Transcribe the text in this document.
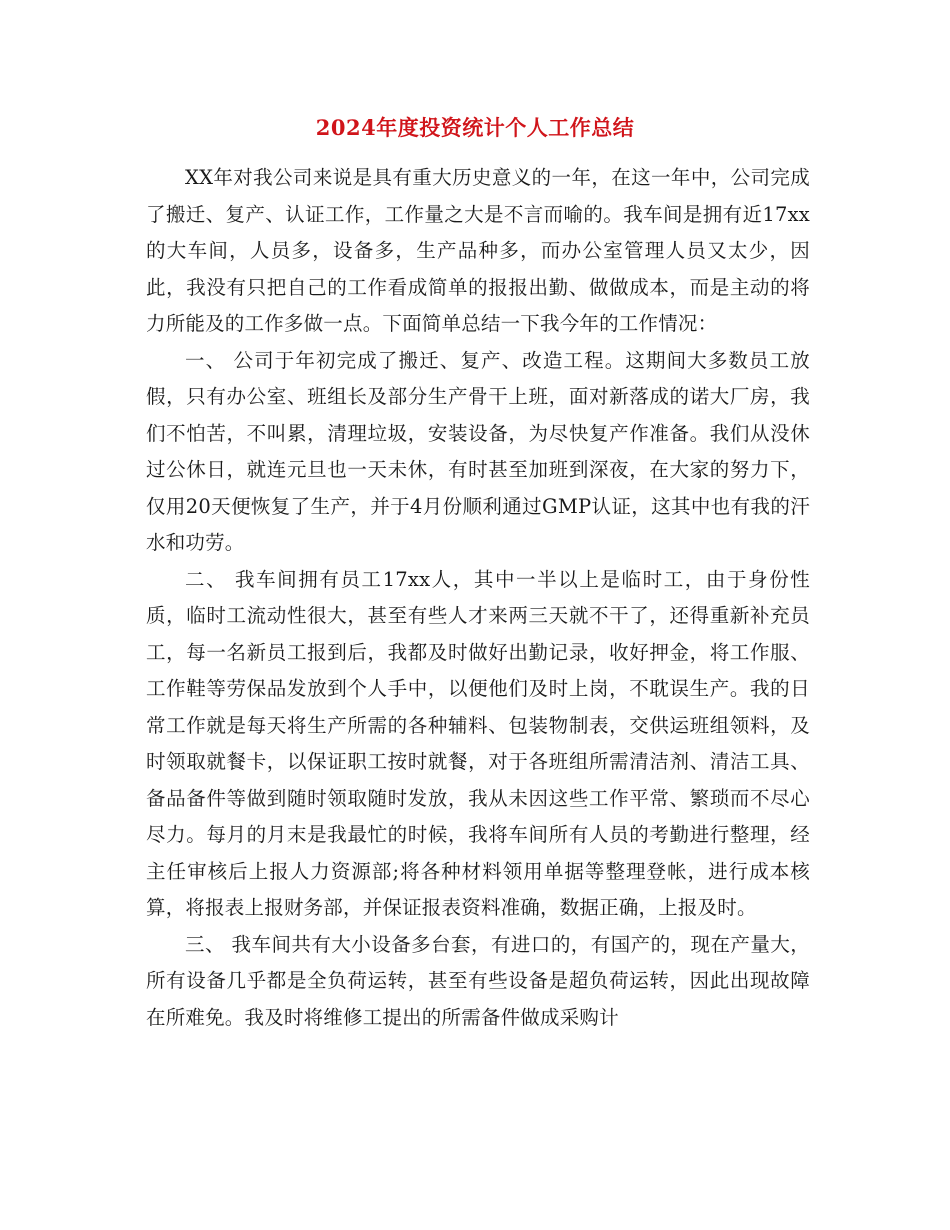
2024年度投资统计个人工作总结

XX年对我公司来说是具有重大历史意义的一年，在这一年中，公司完成了搬迁、复产、认证工作，工作量之大是不言而喻的。我车间是拥有近17xx的大车间，人员多，设备多，生产品种多，而办公室管理人员又太少，因此，我没有只把自己的工作看成简单的报报出勤、做做成本，而是主动的将力所能及的工作多做一点。下面简单总结一下我今年的工作情况：

一、 公司于年初完成了搬迁、复产、改造工程。这期间大多数员工放假，只有办公室、班组长及部分生产骨干上班，面对新落成的诺大厂房，我们不怕苦，不叫累，清理垃圾，安装设备，为尽快复产作准备。我们从没休过公休日，就连元旦也一天未休，有时甚至加班到深夜，在大家的努力下，仅用20天便恢复了生产，并于4月份顺利通过GMP认证，这其中也有我的汗水和功劳。

二、 我车间拥有员工17xx人，其中一半以上是临时工，由于身份性质，临时工流动性很大，甚至有些人才来两三天就不干了，还得重新补充员工，每一名新员工报到后，我都及时做好出勤记录，收好押金，将工作服、工作鞋等劳保品发放到个人手中，以便他们及时上岗，不耽误生产。我的日常工作就是每天将生产所需的各种辅料、包装物制表，交供运班组领料，及时领取就餐卡，以保证职工按时就餐，对于各班组所需清洁剂、清洁工具、备品备件等做到随时领取随时发放，我从未因这些工作平常、繁琐而不尽心尽力。每月的月末是我最忙的时候，我将车间所有人员的考勤进行整理，经主任审核后上报人力资源部;将各种材料领用单据等整理登帐，进行成本核算，将报表上报财务部，并保证报表资料准确，数据正确，上报及时。

三、 我车间共有大小设备多台套，有进口的，有国产的，现在产量大，所有设备几乎都是全负荷运转，甚至有些设备是超负荷运转，因此出现故障在所难免。我及时将维修工提出的所需备件做成采购计
